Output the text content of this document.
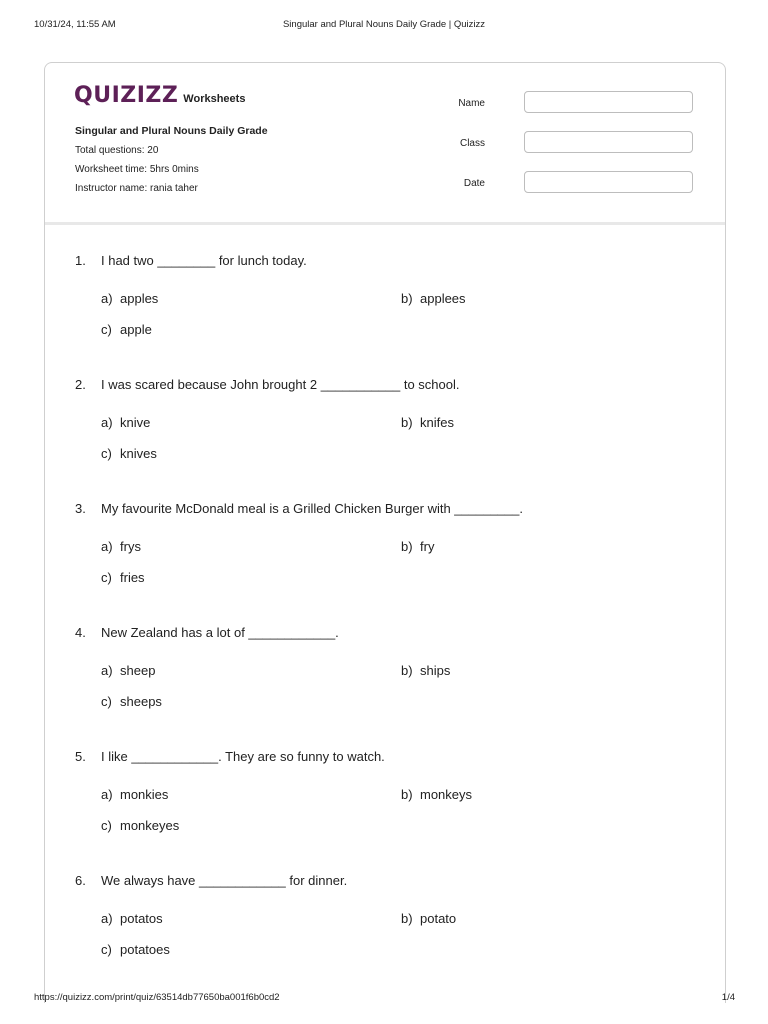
10/31/24, 11:55 AM	Singular and Plural Nouns Daily Grade | Quizizz
QUIZIZZ Worksheets
Singular and Plural Nouns Daily Grade
Total questions: 20
Worksheet time: 5hrs 0mins
Instructor name: rania taher
Name
Class
Date
1. I had two ________ for lunch today.
a) apples	b) applees
c) apple
2. I was scared because John brought 2 ___________ to school.
a) knive	b) knifes
c) knives
3. My favourite McDonald meal is a Grilled Chicken Burger with _________.
a) frys	b) fry
c) fries
4. New Zealand has a lot of ____________.
a) sheep	b) ships
c) sheeps
5. I like ____________. They are so funny to watch.
a) monkies	b) monkeys
c) monkeyes
6. We always have ____________ for dinner.
a) potatos	b) potato
c) potatoes
https://quizizz.com/print/quiz/63514db77650ba001f6b0cd2	1/4
